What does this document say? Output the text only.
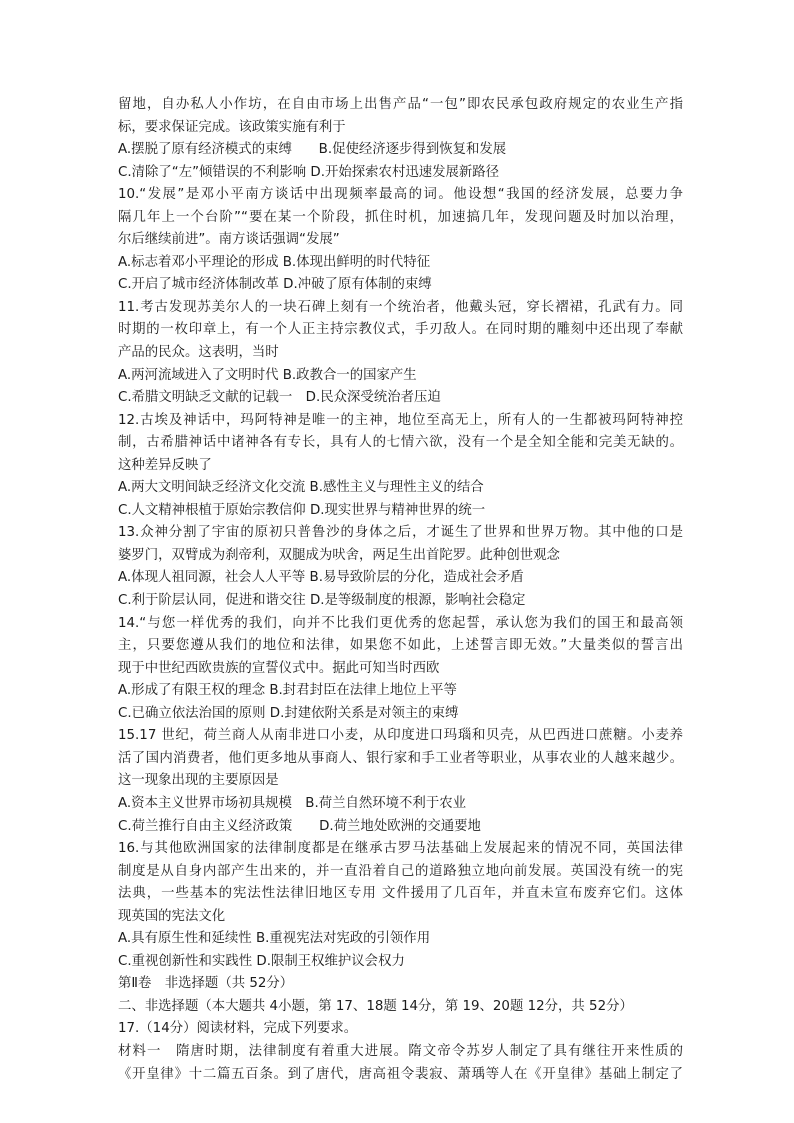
留地，自办私人小作坊，在自由市场上出售产品“一包”即农民承包政府规定的农业生产指
标，要求保证完成。该政策实施有利于
A.摆脱了原有经济模式的束缚　　B.促使经济逐步得到恢复和发展
C.清除了“左”倾错误的不利影响 D.开始探索农村迅速发展新路径
10.“发展”是邓小平南方谈话中出现频率最高的词。他设想“我国的经济发展，总要力争
隔几年上一个台阶”“要在某一个阶段，抓住时机，加速搞几年，发现问题及时加以治理，
尔后继续前进”。南方谈话强调“发展”
A.标志着邓小平理论的形成 B.体现出鲜明的时代特征
C.开启了城市经济体制改革 D.冲破了原有体制的束缚
11.考古发现苏美尔人的一块石碑上刻有一个统治者，他戴头冠，穿长褶裙，孔武有力。同
时期的一枚印章上，有一个人正主持宗教仪式，手刃敌人。在同时期的雕刻中还出现了奉献
产品的民众。这表明，当时
A.两河流域进入了文明时代 B.政教合一的国家产生
C.希腊文明缺乏文献的记载一　D.民众深受统治者压迫
12.古埃及神话中，玛阿特神是唯一的主神，地位至高无上，所有人的一生都被玛阿特神控
制，古希腊神话中诸神各有专长，具有人的七情六欲，没有一个是全知全能和完美无缺的。
这种差异反映了
A.两大文明间缺乏经济文化交流 B.感性主义与理性主义的结合
C.人文精神根植于原始宗教信仰 D.现实世界与精神世界的统一
13.众神分割了宇宙的原初只普鲁沙的身体之后，才诞生了世界和世界万物。其中他的口是
婆罗门，双臂成为刹帝利，双腿成为吠舍，两足生出首陀罗。此种创世观念
A.体现人祖同源，社会人人平等 B.易导致阶层的分化，造成社会矛盾
C.利于阶层认同，促进和谐交往 D.是等级制度的根源，影响社会稳定
14.“与您一样优秀的我们，向并不比我们更优秀的您起誓，承认您为我们的国王和最高领
主，只要您遵从我们的地位和法律，如果您不如此，上述誓言即无效。”大量类似的誓言出
现于中世纪西欧贵族的宣誓仪式中。据此可知当时西欧
A.形成了有限王权的理念 B.封君封臣在法律上地位上平等
C.已确立依法治国的原则 D.封建依附关系是对领主的束缚
15.17 世纪，荷兰商人从南非进口小麦，从印度进口玛瑙和贝壳，从巴西进口蔗糖。小麦养
活了国内消费者，他们更多地从事商人、银行家和手工业者等职业，从事农业的人越来越少。
这一现象出现的主要原因是
A.资本主义世界市场初具规模　B.荷兰自然环境不利于农业
C.荷兰推行自由主义经济政策　　D.荷兰地处欧洲的交通要地
16.与其他欧洲国家的法律制度都是在继承古罗马法基础上发展起来的情况不同，英国法律
制度是从自身内部产生出来的，并一直沿着自己的道路独立地向前发展。英国没有统一的宪
法典，一些基本的宪法性法律旧地区专用 文件援用了几百年，并直未宣布废弃它们。这体
现英国的宪法文化
A.具有原生性和延续性 B.重视宪法对宪政的引领作用
C.重视创新性和实践性 D.限制王权维护议会权力
第Ⅱ卷　非选择题（共 52分）
二、非选择题（本大题共 4小题，第 17、18题 14分，第 19、20题 12分，共 52分）
17.（14分）阅读材料，完成下列要求。
材料一　隋唐时期，法律制度有着重大进展。隋文帝令苏岁人制定了具有继往开来性质的
《开皇律》十二篇五百条。到了唐代，唐高祖令裴寂、萧瑀等人在《开皇律》基础上制定了
